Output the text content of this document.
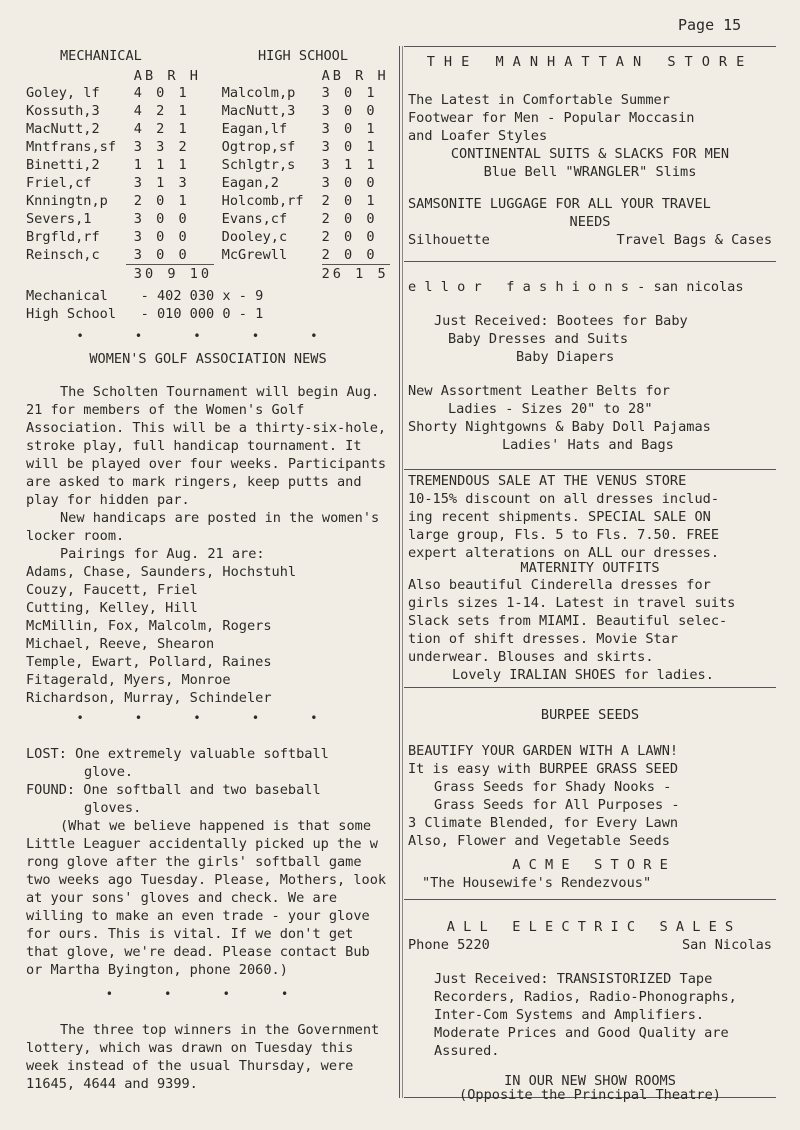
Page 15
MECHANICAL	HIGH SCHOOL
	AB R H		AB R H
Goley, lf	4 0 1	Malcolm,p	3 0 1
Kossuth,3	4 2 1	MacNutt,3	3 0 0
MacNutt,2	4 2 1	Eagan,lf	3 0 1
Mntfrans,sf	3 3 2	Ogtrop,sf	3 0 1
Binetti,2	1 1 1	Schlgtr,s	3 1 1
Friel,cf	3 1 3	Eagan,2	3 0 0
Knningtn,p	2 0 1	Holcomb,rf	2 0 1
Severs,1	3 0 0	Evans,cf	2 0 0
Brgfld,rf	3 0 0	Dooley,c	2 0 0
Reinsch,c	3 0 0	McGrewll	2 0 0
	30 9 10		26 1 5
Mechanical    - 402 030 x - 9
High School   - 010 000 0 - 1
• • • • •
WOMEN'S GOLF ASSOCIATION NEWS

The Scholten Tournament will begin Aug. 21 for members of the Women's Golf Association. This will be a thirty-six-hole, stroke play, full handicap tournament. It will be played over four weeks. Participants are asked to mark ringers, keep putts and play for hidden par.

New handicaps are posted in the women's locker room.

Pairings for Aug. 21 are:
Adams, Chase, Saunders, Hochstuhl
Couzy, Faucett, Friel
Cutting, Kelley, Hill
McMillin, Fox, Malcolm, Rogers
Michael, Reeve, Shearon
Temple, Ewart, Pollard, Raines
Fitagerald, Myers, Monroe
Richardson, Murray, Schindeler
• • • • •
LOST: One extremely valuable softball
glove.
FOUND: One softball and two baseball
gloves.

(What we believe happened is that some Little Leaguer accidentally picked up the w rong glove after the girls' softball game two weeks ago Tuesday. Please, Mothers, look at your sons' gloves and check. We are willing to make an even trade - your glove for ours. This is vital. If we don't get that glove, we're dead. Please contact Bub or Martha Byington, phone 2060.)

• • • •

The three top winners in the Government lottery, which was drawn on Tuesday this week instead of the usual Thursday, were 11645, 4644 and 9399.

THE MANHATTAN STORE
The Latest in Comfortable Summer
Footwear for Men - Popular Moccasin
and Loafer Styles
CONTINENTAL SUITS & SLACKS FOR MEN
Blue Bell "WRANGLER" Slims
SAMSONITE LUGGAGE FOR ALL YOUR TRAVEL
NEEDS
Silhouette	Travel Bags & Cases
e l l o r   f a s h i o n s - san nicolas
Just Received: Bootees for Baby
Baby Dresses and Suits
Baby Diapers
New Assortment Leather Belts for
Ladies - Sizes 20" to 28"
Shorty Nightgowns & Baby Doll Pajamas
Ladies' Hats and Bags
TREMENDOUS SALE AT THE VENUS STORE
10-15% discount on all dresses includ-
ing recent shipments. SPECIAL SALE ON
large group, Fls. 5 to Fls. 7.50. FREE
expert alterations on ALL our dresses.
MATERNITY OUTFITS
Also beautiful Cinderella dresses for
girls sizes 1-14. Latest in travel suits
Slack sets from MIAMI. Beautiful selec-
tion of shift dresses. Movie Star
underwear. Blouses and skirts.
Lovely IRALIAN SHOES for ladies.
BURPEE SEEDS
BEAUTIFY YOUR GARDEN WITH A LAWN!
It is easy with BURPEE GRASS SEED
Grass Seeds for Shady Nooks -
Grass Seeds for All Purposes -
3 Climate Blended, for Every Lawn
Also, Flower and Vegetable Seeds
A C M E   S T O R E
"The Housewife's Rendezvous"
A L L   E L E C T R I C   S A L E S
Phone 5220	San Nicolas
Just Received: TRANSISTORIZED Tape
Recorders, Radios, Radio-Phonographs,
Inter-Com Systems and Amplifiers.
Moderate Prices and Good Quality are
Assured.
IN OUR NEW SHOW ROOMS
(Opposite the Principal Theatre)
